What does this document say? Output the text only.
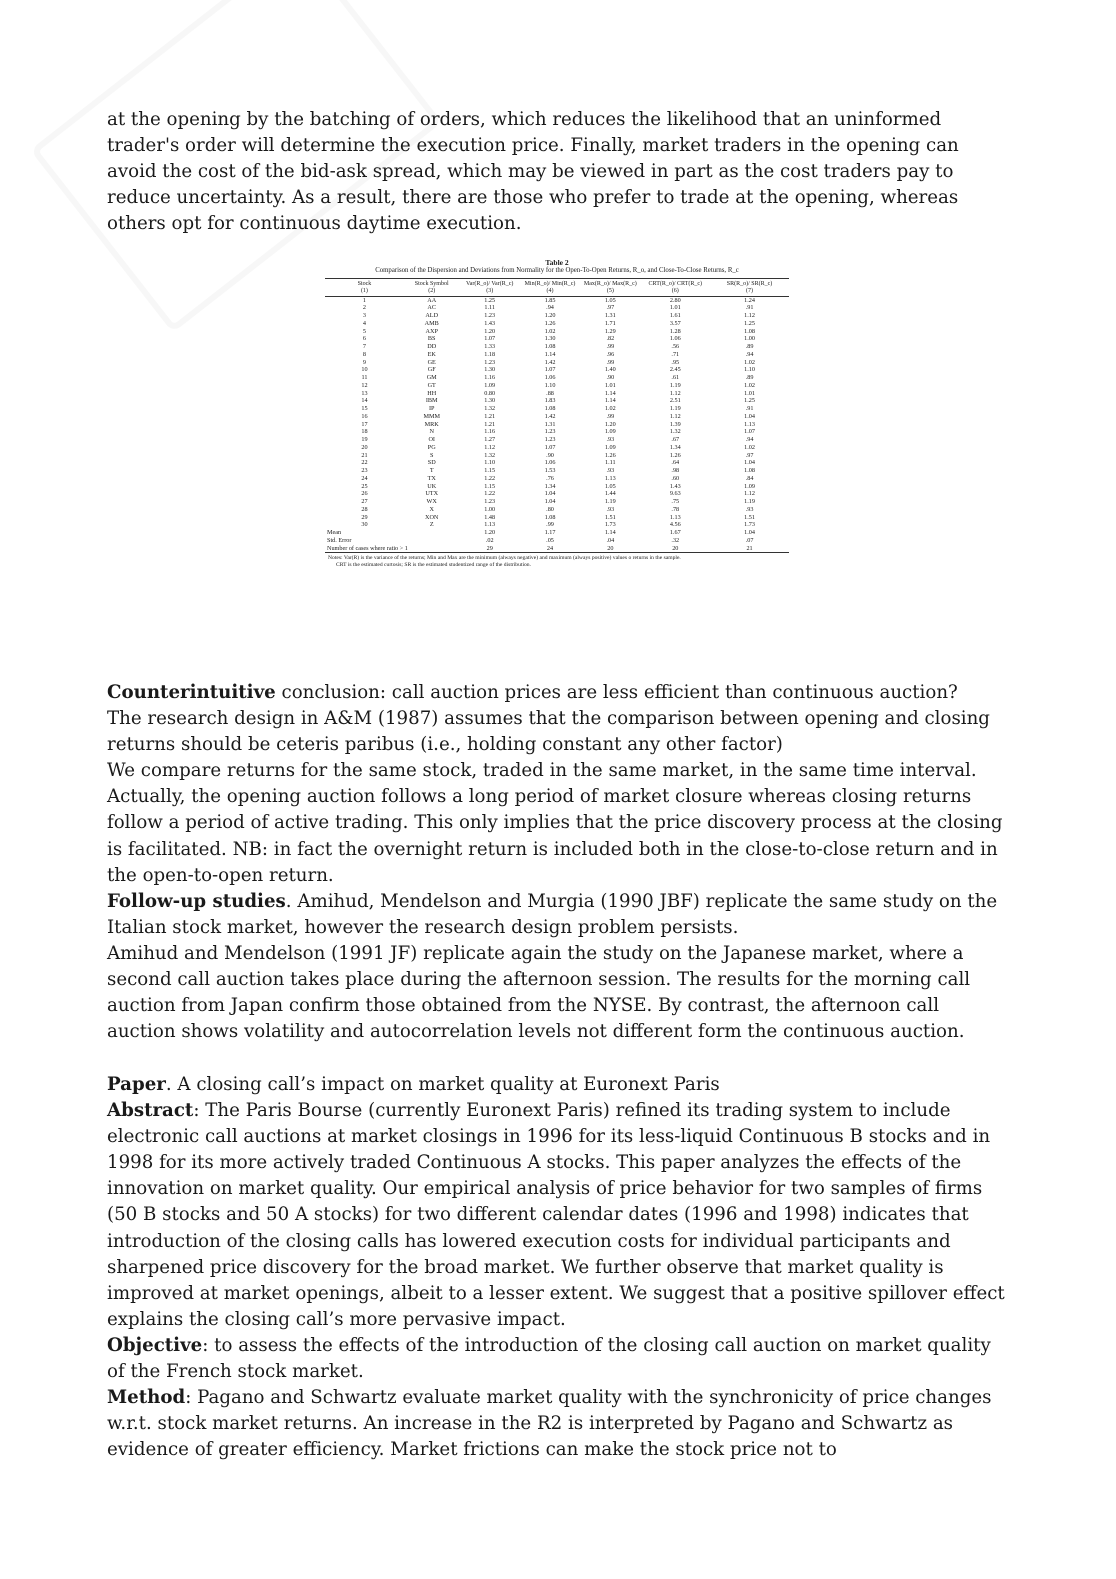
at the opening by the batching of orders, which reduces the likelihood that an uninformed trader's order will determine the execution price. Finally, market traders in the opening can avoid the cost of the bid-ask spread, which may be viewed in part as the cost traders pay to reduce uncertainty. As a result, there are those who prefer to trade at the opening, whereas others opt for continuous daytime execution.

Table 2
Comparison of the Dispersion and Deviations from Normality for the Open-To-Open Returns, R_o, and Close-To-Close Returns, R_c
Stock	Stock Symbol	Var(R_o)/ Var(R_c)	Min(R_o)/ Min(R_c)	Max(R_o)/ Max(R_c)	CRT(R_o)/ CRT(R_c)	SR(R_o)/ SR(R_c)
(1)	(2)	(3)	(4)	(5)	(6)	(7)
1	AA	1.25	1.85	1.05	2.80	1.24
2	AC	1.11	.94	.97	1.01	.91
3	ALD	1.23	1.20	1.31	1.61	1.12
4	AMB	1.43	1.26	1.71	3.57	1.25
5	AXP	1.20	1.02	1.29	1.28	1.08
6	BS	1.07	1.30	.82	1.06	1.00
7	DD	1.33	1.08	.99	.56	.89
8	EK	1.18	1.14	.96	.71	.94
9	GE	1.23	1.42	.99	.95	1.02
10	GF	1.30	1.07	1.40	2.45	1.10
11	GM	1.16	1.06	.90	.61	.89
12	GT	1.09	1.10	1.01	1.19	1.02
13	HH	0.80	.88	1.14	1.12	1.01
14	IBM	1.30	1.83	1.14	2.51	1.25
15	IP	1.32	1.08	1.02	1.19	.91
16	MMM	1.21	1.42	.99	1.12	1.04
17	MRK	1.21	1.31	1.20	1.39	1.13
18	N	1.16	1.23	1.09	1.32	1.07
19	OI	1.27	1.23	.93	.67	.94
20	PG	1.12	1.07	1.09	1.34	1.02
21	S	1.32	.90	1.26	1.26	.97
22	SD	1.10	1.06	1.11	.64	1.04
23	T	1.15	1.53	.93	.98	1.08
24	TX	1.22	.76	1.13	.60	.84
25	UK	1.15	1.34	1.05	1.43	1.09
26	UTX	1.22	1.04	1.44	9.63	1.12
27	WX	1.23	1.04	1.19	.75	1.19
28	X	1.00	.80	.93	.78	.93
29	XON	1.48	1.08	1.51	1.13	1.51
30	Z	1.13	.99	1.73	4.56	1.73
Mean		1.20	1.17	1.14	1.67	1.04
Std. Error		.02	.05	.04	.32	.07
Number of cases where ratio > 1		29	24	20	20	21

Notes: Var(R) is the variance of the returns; Min and Max are the minimum (always negative) and maximum (always positive) values o returns in the sample.

CRT is the estimated curtosis; SR is the estimated studentized range of the distribution.

Counterintuitive conclusion: call auction prices are less efficient than continuous auction?

The research design in A&M (1987) assumes that the comparison between opening and closing returns should be ceteris paribus (i.e., holding constant any other factor)

We compare returns for the same stock, traded in the same market, in the same time interval. Actually, the opening auction follows a long period of market closure whereas closing returns follow a period of active trading. This only implies that the price discovery process at the closing is facilitated. NB: in fact the overnight return is included both in the close-to-close return and in the open-to-open return.

Follow-up studies. Amihud, Mendelson and Murgia (1990 JBF) replicate the same study on the Italian stock market, however the research design problem persists.

Amihud and Mendelson (1991 JF) replicate again the study on the Japanese market, where a second call auction takes place during the afternoon session. The results for the morning call auction from Japan confirm those obtained from the NYSE. By contrast, the afternoon call auction shows volatility and autocorrelation levels not different form the continuous auction.

Paper. A closing call’s impact on market quality at Euronext Paris

Abstract: The Paris Bourse (currently Euronext Paris) refined its trading system to include electronic call auctions at market closings in 1996 for its less-liquid Continuous B stocks and in 1998 for its more actively traded Continuous A stocks. This paper analyzes the effects of the innovation on market quality. Our empirical analysis of price behavior for two samples of firms (50 B stocks and 50 A stocks) for two different calendar dates (1996 and 1998) indicates that introduction of the closing calls has lowered execution costs for individual participants and sharpened price discovery for the broad market. We further observe that market quality is improved at market openings, albeit to a lesser extent. We suggest that a positive spillover effect explains the closing call’s more pervasive impact.

Objective: to assess the effects of the introduction of the closing call auction on market quality of the French stock market.

Method: Pagano and Schwartz evaluate market quality with the synchronicity of price changes w.r.t. stock market returns. An increase in the R2 is interpreted by Pagano and Schwartz as evidence of greater efficiency. Market frictions can make the stock price not to
